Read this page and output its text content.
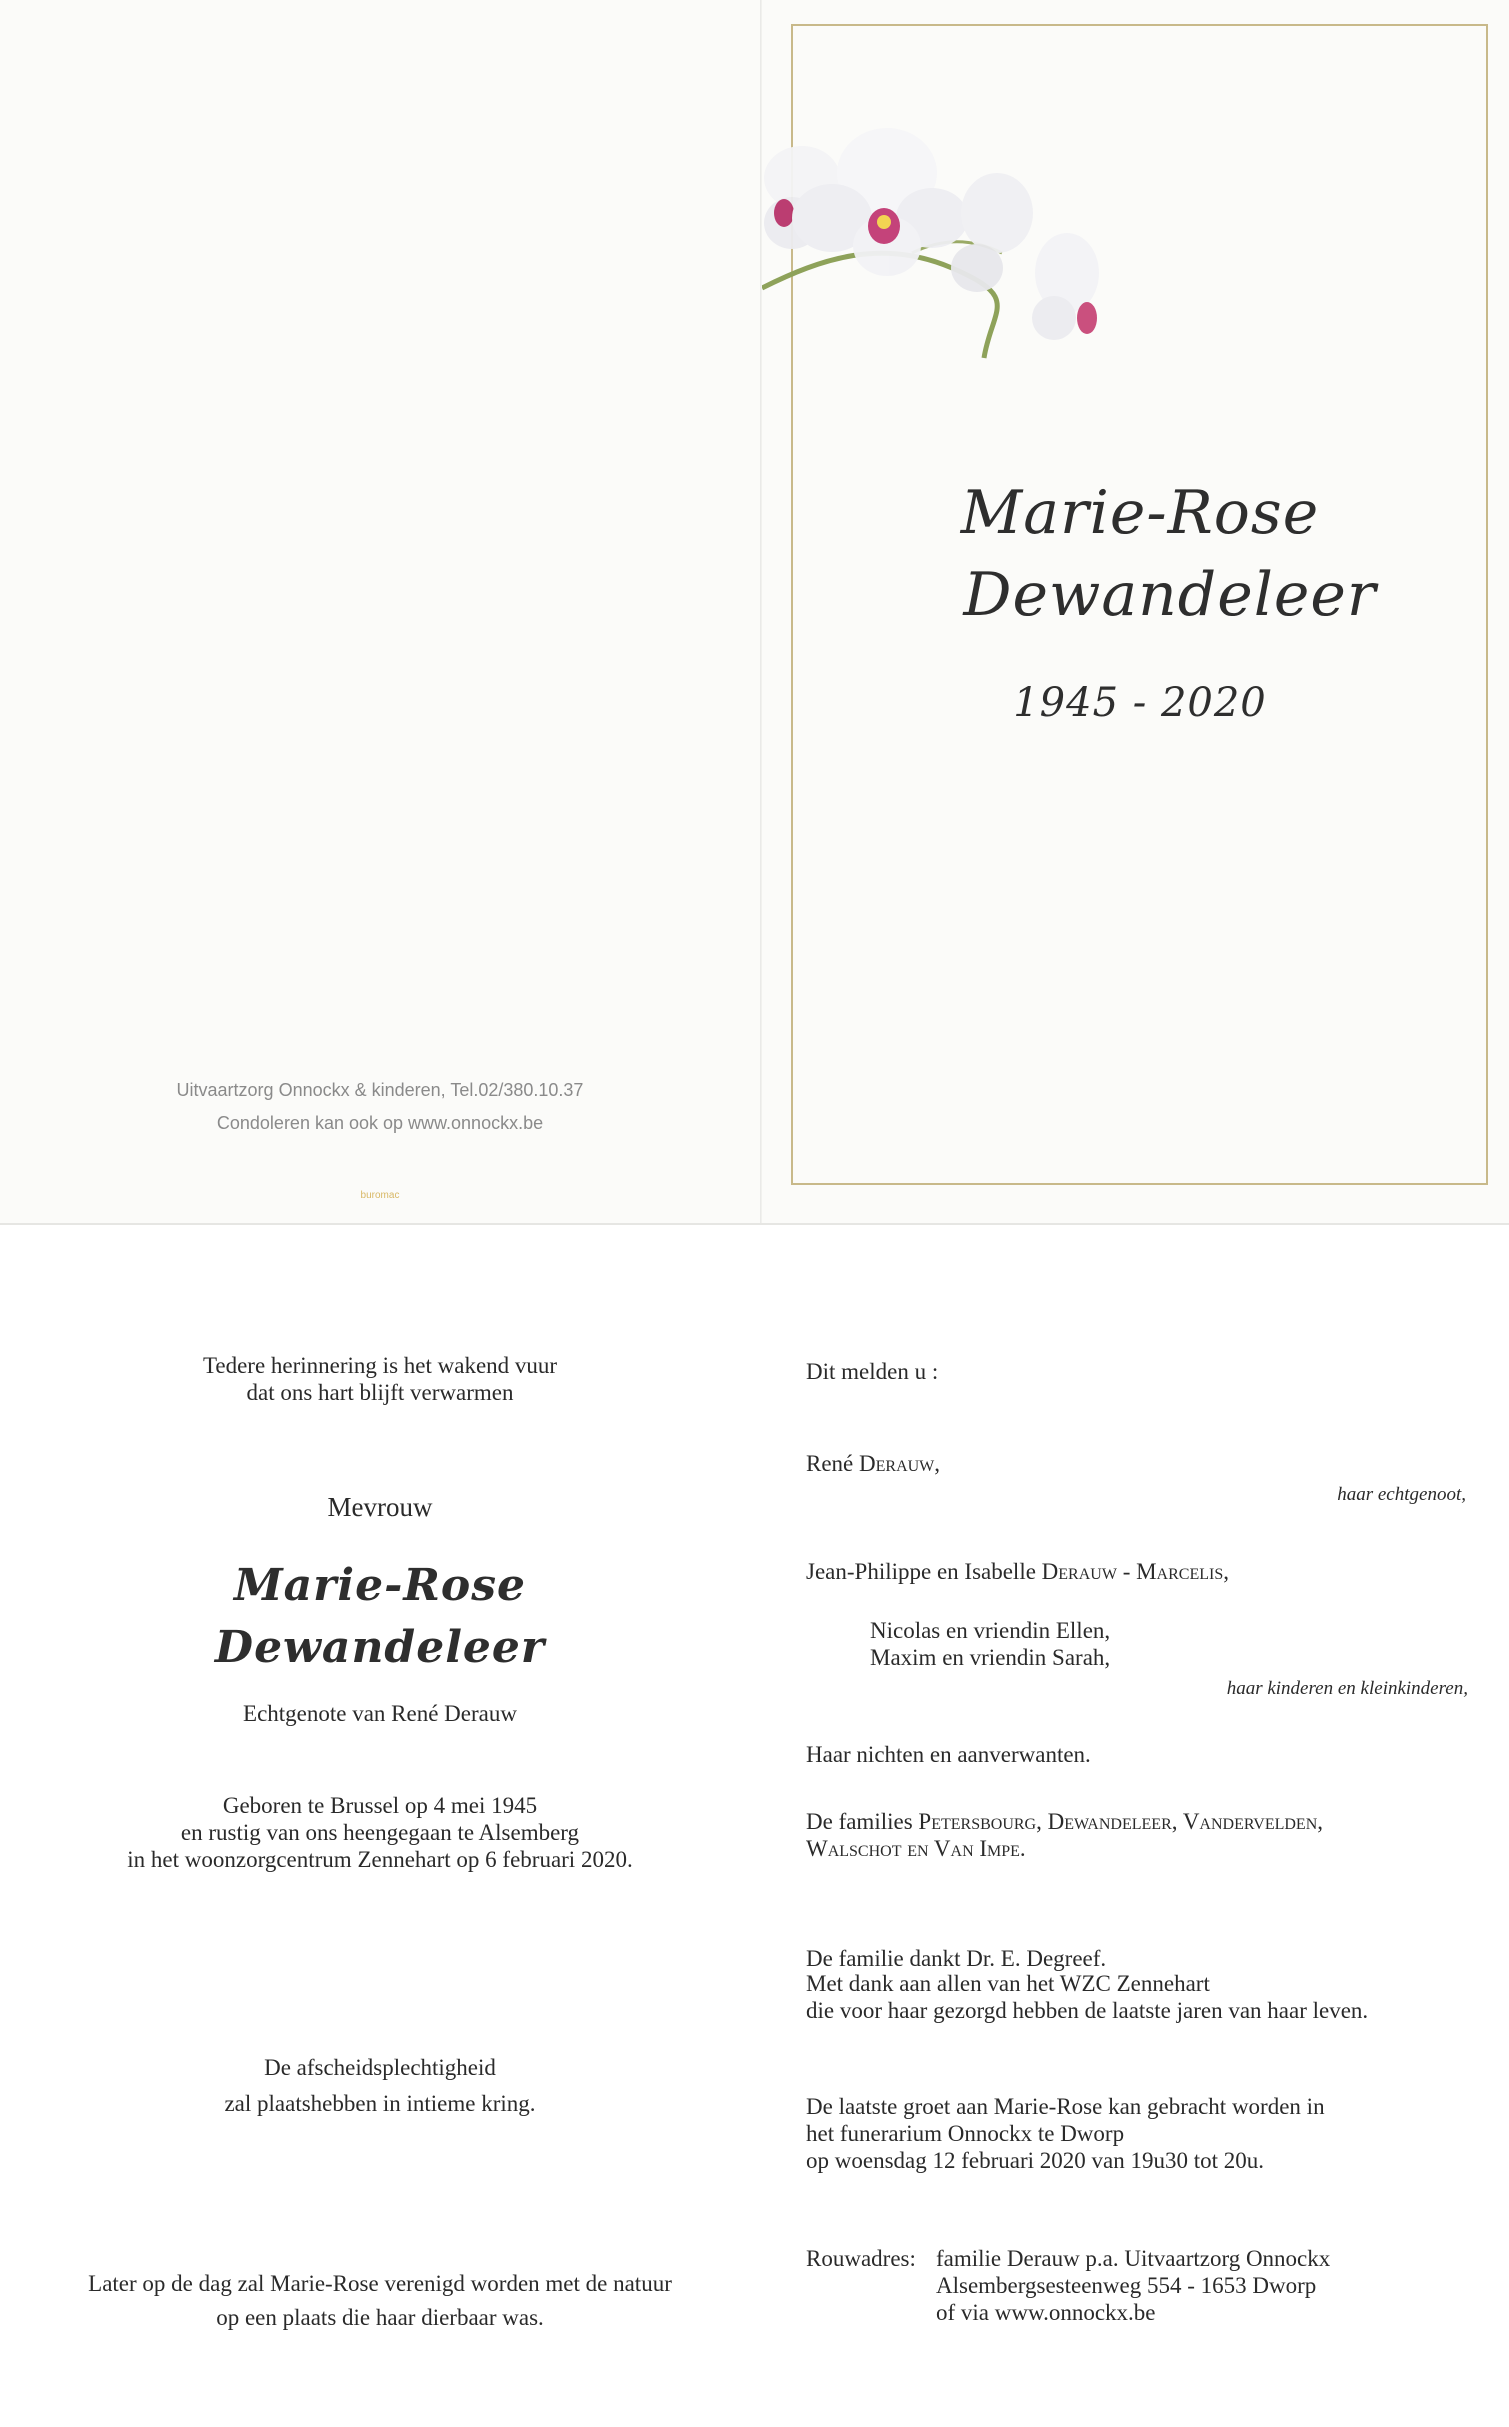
Marie-Rose
Dewandeleer
1945 - 2020
Uitvaartzorg Onnockx & kinderen, Tel.02/380.10.37
Condoleren kan ook op www.onnockx.be
buromac
Tedere herinnering is het wakend vuur
dat ons hart blijft verwarmen
Mevrouw
Marie-Rose
Dewandeleer
Echtgenote van René Derauw
Geboren te Brussel op 4 mei 1945
en rustig van ons heengegaan te Alsemberg
in het woonzorgcentrum Zennehart op 6 februari 2020.
De afscheidsplechtigheid
zal plaatshebben in intieme kring.
Later op de dag zal Marie-Rose verenigd worden met de natuur
op een plaats die haar dierbaar was.
Dit melden u :
René Derauw,
haar echtgenoot,
Jean-Philippe en Isabelle Derauw - Marcelis,
Nicolas en vriendin Ellen,
Maxim en vriendin Sarah,
haar kinderen en kleinkinderen,
Haar nichten en aanverwanten.
De families Petersbourg, Dewandeleer, Vandervelden,
Walschot en Van Impe.
De familie dankt Dr. E. Degreef.
Met dank aan allen van het WZC Zennehart
die voor haar gezorgd hebben de laatste jaren van haar leven.
De laatste groet aan Marie-Rose kan gebracht worden in
het funerarium Onnockx te Dworp
op woensdag 12 februari 2020 van 19u30 tot 20u.
Rouwadres: familie Derauw p.a. Uitvaartzorg Onnockx
Alsembergsesteenweg 554 - 1653 Dworp
of via www.onnockx.be
